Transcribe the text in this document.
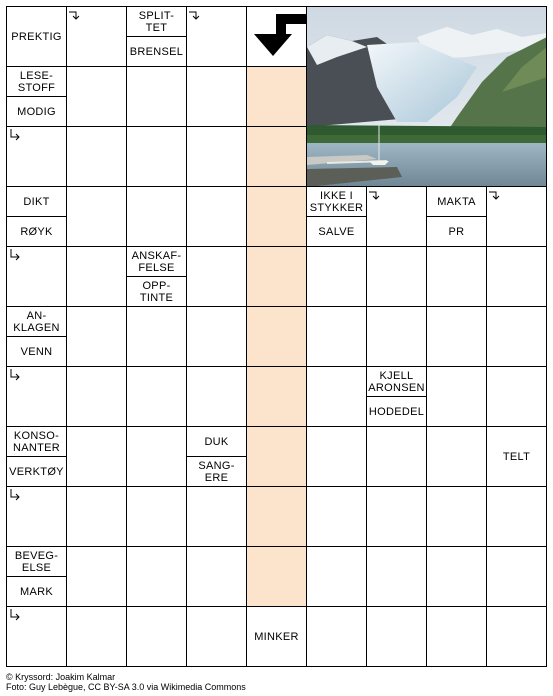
PREKTIG
SPLIT-
TET
BRENSEL
LESE-
STOFF
MODIG
DIKT
RØYK
IKKE I
STYKKER
SALVE
MAKTA
PR
ANSKAF-
FELSE
OPP-
TINTE
AN-
KLAGEN
VENN
KJELL
ARONSEN
HODEDEL
KONSO-
NANTER
VERKTØY
DUK
SANG-
ERE
TELT
BEVEG-
ELSE
MARK
MINKER
© Kryssord: Joakim Kalmar
Foto: Guy Lebègue, CC BY-SA 3.0 via Wikimedia Commons
